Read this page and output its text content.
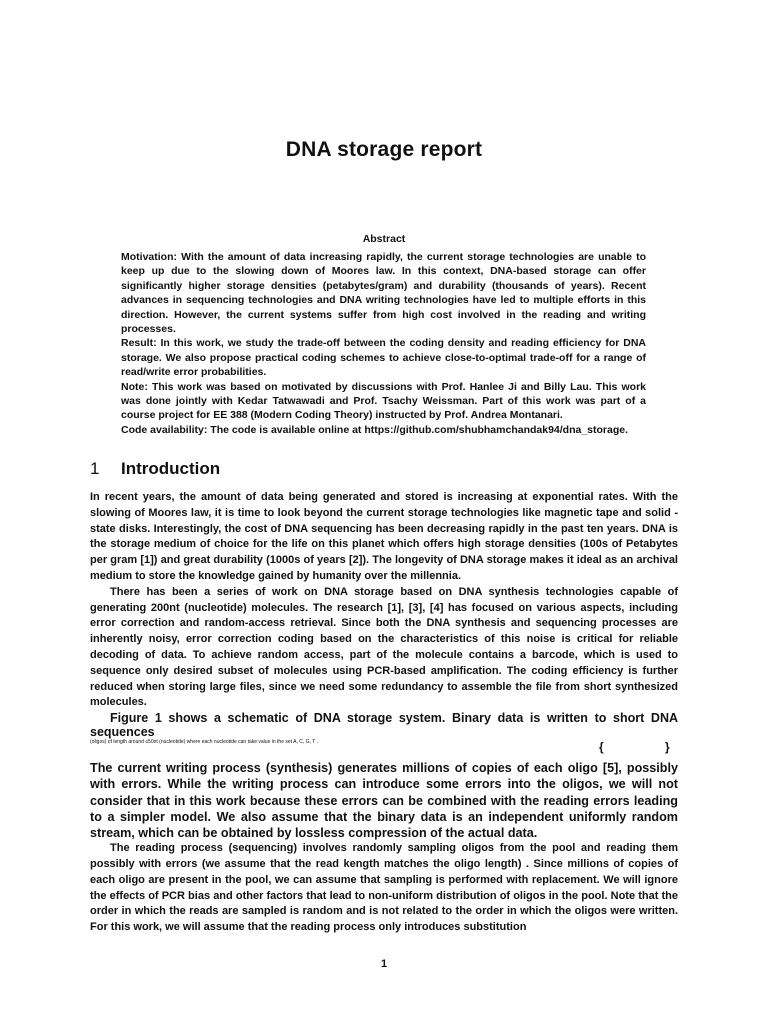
DNA storage report
Abstract

Motivation: With the amount of data increasing rapidly, the current storage technologies are unable to keep up due to the slowing down of Moores law. In this context, DNA-based storage can offer significantly higher storage densities (petabytes/gram) and durability (thousands of years). Recent advances in sequencing technologies and DNA writing technologies have led to multiple efforts in this direction. However, the current systems suffer from high cost involved in the reading and writing processes.

Result: In this work, we study the trade-off between the coding density and reading efficiency for DNA storage. We also propose practical coding schemes to achieve close-to-optimal trade-off for a range of read/write error probabilities.

Note: This work was based on motivated by discussions with Prof. Hanlee Ji and Billy Lau. This work was done jointly with Kedar Tatwawadi and Prof. Tsachy Weissman. Part of this work was part of a course project for EE 388 (Modern Coding Theory) instructed by Prof. Andrea Montanari.

Code availability: The code is available online at https://github.com/shubhamchandak94/dna_storage.

1 Introduction

In recent years, the amount of data being generated and stored is increasing at exponential rates. With the slowing of Moores law, it is time to look beyond the current storage technologies like magnetic tape and solid -state disks. Interestingly, the cost of DNA sequencing has been decreasing rapidly in the past ten years. DNA is the storage medium of choice for the life on this planet which offers high storage densities (100s of Petabytes per gram [1]) and great durability (1000s of years [2]). The longevity of DNA storage makes it ideal as an archival medium to store the knowledge gained by humanity over the millennia.

There has been a series of work on DNA storage based on DNA synthesis technologies capable of generating 200nt (nucleotide) molecules. The research [1], [3], [4] has focused on various aspects, including error correction and random-access retrieval. Since both the DNA synthesis and sequencing processes are inherently noisy, error correction coding based on the characteristics of this noise is critical for reliable decoding of data. To achieve random access, part of the molecule contains a barcode, which is used to sequence only desired subset of molecules using PCR-based amplification. The coding efficiency is further reduced when storing large files, since we need some redundancy to assemble the file from short synthesized molecules.

Figure 1 shows a schematic of DNA storage system. Binary data is written to short DNA sequences

(oligos) of length around ≤50nt (nucleotide) where each nucleotide can take value in the set A, C, G, T .	{	}

The current writing process (synthesis) generates millions of copies of each oligo [5], possibly with errors. While the writing process can introduce some errors into the oligos, we will not consider that in this work because these errors can be combined with the reading errors leading to a simpler model. We also assume that the binary data is an independent uniformly random stream, which can be obtained by lossless compression of the actual data.

The reading process (sequencing) involves randomly sampling oligos from the pool and reading them possibly with errors (we assume that the read kength matches the oligo length) . Since millions of copies of each oligo are present in the pool, we can assume that sampling is performed with replacement. We will ignore the effects of PCR bias and other factors that lead to non-uniform distribution of oligos in the pool. Note that the order in which the reads are sampled is random and is not related to the order in which the oligos were written. For this work, we will assume that the reading process only introduces substitution

1
